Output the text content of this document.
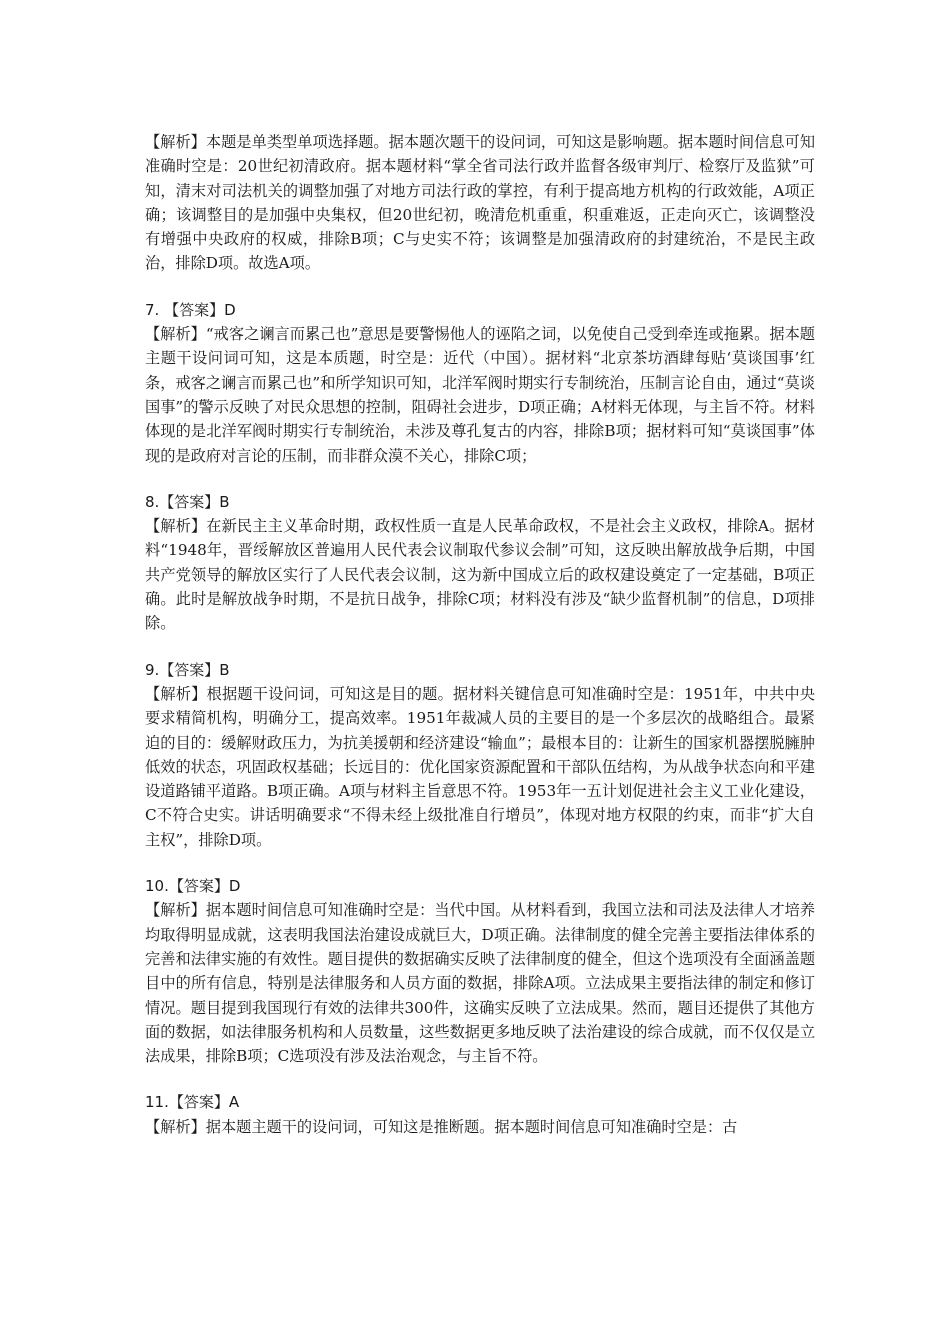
【解析】本题是单类型单项选择题。据本题次题干的设问词，可知这是影响题。据本题时间信息可知准确时空是：20世纪初清政府。据本题材料“掌全省司法行政并监督各级审判厅、检察厅及监狱”可知，清末对司法机关的调整加强了对地方司法行政的掌控，有利于提高地方机构的行政效能，A项正确；该调整目的是加强中央集权，但20世纪初，晚清危机重重，积重难返，正走向灭亡，该调整没有增强中央政府的权威，排除B项；C与史实不符；该调整是加强清政府的封建统治，不是民主政治，排除D项。故选A项。

7. 【答案】D

【解析】“戒客之谰言而累己也”意思是要警惕他人的诬陷之词，以免使自己受到牵连或拖累。据本题主题干设问词可知，这是本质题，时空是：近代（中国）。据材料“北京茶坊酒肆每贴‘莫谈国事’红条，戒客之谰言而累己也”和所学知识可知，北洋军阀时期实行专制统治，压制言论自由，通过“莫谈国事”的警示反映了对民众思想的控制，阻碍社会进步，D项正确；A材料无体现，与主旨不符。材料体现的是北洋军阀时期实行专制统治，未涉及尊孔复古的内容，排除B项；据材料可知“莫谈国事”体现的是政府对言论的压制，而非群众漠不关心，排除C项；

8.【答案】B

【解析】在新民主主义革命时期，政权性质一直是人民革命政权，不是社会主义政权，排除A。据材料“1948年，晋绥解放区普遍用人民代表会议制取代参议会制”可知，这反映出解放战争后期，中国共产党领导的解放区实行了人民代表会议制，这为新中国成立后的政权建设奠定了一定基础，B项正确。此时是解放战争时期，不是抗日战争，排除C项；材料没有涉及“缺少监督机制”的信息，D项排除。

9.【答案】B

【解析】根据题干设问词，可知这是目的题。据材料关键信息可知准确时空是：1951年，中共中央要求精简机构，明确分工，提高效率。1951年裁减人员的主要目的是一个多层次的战略组合。最紧迫的目的：缓解财政压力，为抗美援朝和经济建设“输血”；最根本目的：让新生的国家机器摆脱臃肿低效的状态，巩固政权基础；长远目的：优化国家资源配置和干部队伍结构，为从战争状态向和平建设道路铺平道路。B项正确。A项与材料主旨意思不符。1953年一五计划促进社会主义工业化建设，C不符合史实。讲话明确要求“不得未经上级批准自行增员”，体现对地方权限的约束，而非“扩大自主权”，排除D项。

10.【答案】D

【解析】据本题时间信息可知准确时空是：当代中国。从材料看到，我国立法和司法及法律人才培养均取得明显成就，这表明我国法治建设成就巨大，D项正确。法律制度的健全完善主要指法律体系的完善和法律实施的有效性。题目提供的数据确实反映了法律制度的健全，但这个选项没有全面涵盖题目中的所有信息，特别是法律服务和人员方面的数据，排除A项。立法成果主要指法律的制定和修订情况。题目提到我国现行有效的法律共300件，这确实反映了立法成果。然而，题目还提供了其他方面的数据，如法律服务机构和人员数量，这些数据更多地反映了法治建设的综合成就，而不仅仅是立法成果，排除B项；C选项没有涉及法治观念，与主旨不符。

11.【答案】A

【解析】据本题主题干的设问词，可知这是推断题。据本题时间信息可知准确时空是：古
